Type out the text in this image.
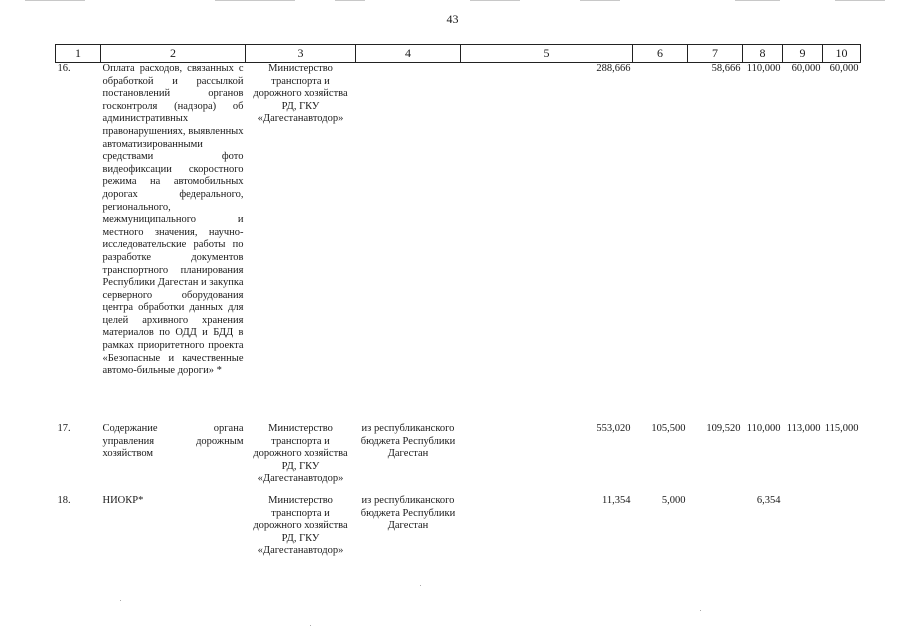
43
1	2	3	4	5	6	7	8	9	10
16.	Оплата расходов, связанных с обработкой и рассылкой постановлений органов госконтроля (надзора) об административных правонарушениях, выявленных автоматизированными средствами фото видеофиксации скоростного режима на автомобильных дорогах федерального, регионального, межмуниципального и местного значения, научно-исследовательские работы по разработке документов транспортного планирования Республики Дагестан и закупка серверного оборудования центра обработки данных для целей архивного хранения материалов по ОДД и БДД в рамках приоритетного проекта «Безопасные и качественные автомо-бильные дороги» *	Министерство транспорта и дорожного хозяйства РД, ГКУ «Дагестанавтодор»		288,666		58,666	110,000	60,000	60,000
17.	Содержание органа управления дорожным хозяйством	Министерство транспорта и дорожного хозяйства РД, ГКУ «Дагестанавтодор»	из республиканского бюджета Республики Дагестан	553,020	105,500	109,520	110,000	113,000	115,000
18.	НИОКР*	Министерство транспорта и дорожного хозяйства РД, ГКУ «Дагестанавтодор»	из республиканского бюджета Республики Дагестан	11,354	5,000		6,354		
